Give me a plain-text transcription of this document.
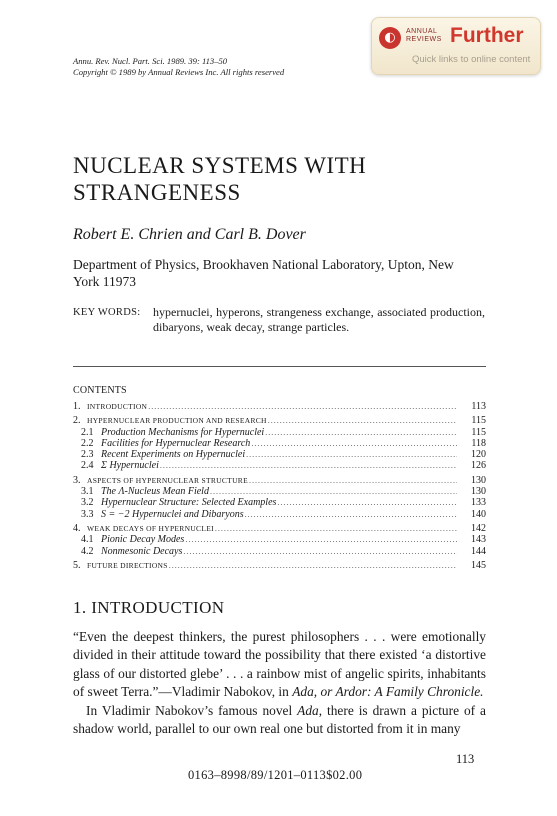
Annu. Rev. Nucl. Part. Sci. 1989. 39: 113–50
Copyright © 1989 by Annual Reviews Inc. All rights reserved
◐	ANNUAL
REVIEWS Further
Quick links to online content
NUCLEAR SYSTEMS WITH
STRANGENESS
Robert E. Chrien and Carl B. Dover
Department of Physics, Brookhaven National Laboratory, Upton, New York 11973
KEY WORDS: hypernuclei, hyperons, strangeness exchange, associated production, dibaryons, weak decay, strange particles.
CONTENTS
1. INTRODUCTION .....	113
2. HYPERNUCLEAR PRODUCTION AND RESEARCH .....	115
2.1 Production Mechanisms for Hypernuclei .....	115
2.2 Facilities for Hypernuclear Research .....	118
2.3 Recent Experiments on Hypernuclei .....	120
2.4 Σ Hypernuclei .....	126
3. ASPECTS OF HYPERNUCLEAR STRUCTURE .....	130
3.1 The Λ-Nucleus Mean Field .....	130
3.2 Hypernuclear Structure: Selected Examples .....	133
3.3 S = −2 Hypernuclei and Dibaryons .....	140
4. WEAK DECAYS OF HYPERNUCLEI .....	142
4.1 Pionic Decay Modes .....	143
4.2 Nonmesonic Decays .....	144
5. FUTURE DIRECTIONS .....	145
1. INTRODUCTION

“Even the deepest thinkers, the purest philosophers . . . were emotionally divided in their attitude toward the possibility that there existed ‘a distortive glass of our distorted glebe’ . . . a rainbow mist of angelic spirits, inhabitants of sweet Terra.”—Vladimir Nabokov, in Ada, or Ardor: A Family Chronicle.

In Vladimir Nabokov’s famous novel Ada, there is drawn a picture of a shadow world, parallel to our own real one but distorted from it in many

113
0163–8998/89/1201–0113$02.00
